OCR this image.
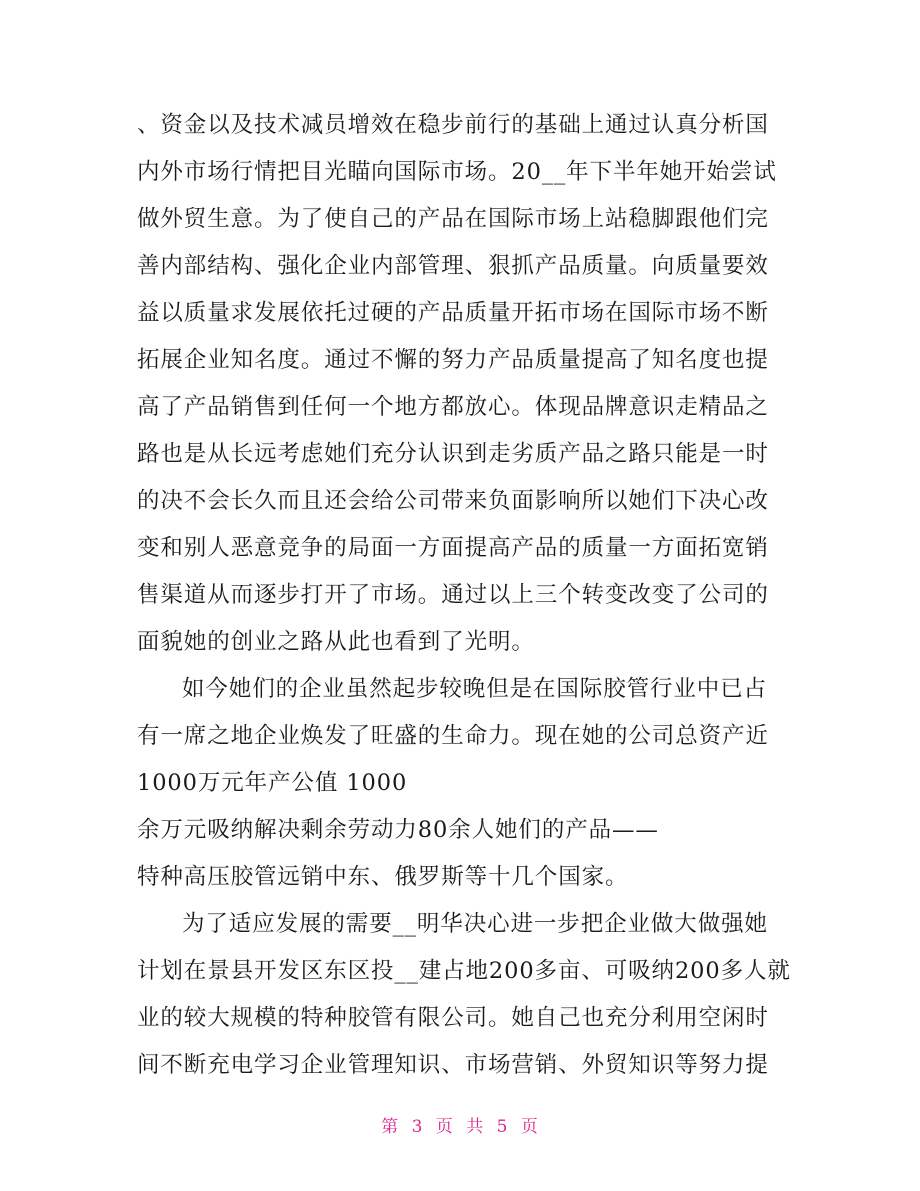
、资金以及技术减员增效在稳步前行的基础上通过认真分析国
内外市场行情把目光瞄向国际市场。20__年下半年她开始尝试
做外贸生意。为了使自己的产品在国际市场上站稳脚跟他们完
善内部结构、强化企业内部管理、狠抓产品质量。向质量要效
益以质量求发展依托过硬的产品质量开拓市场在国际市场不断
拓展企业知名度。通过不懈的努力产品质量提高了知名度也提
高了产品销售到任何一个地方都放心。体现品牌意识走精品之
路也是从长远考虑她们充分认识到走劣质产品之路只能是一时
的决不会长久而且还会给公司带来负面影响所以她们下决心改
变和别人恶意竞争的局面一方面提高产品的质量一方面拓宽销
售渠道从而逐步打开了市场。通过以上三个转变改变了公司的
面貌她的创业之路从此也看到了光明。
如今她们的企业虽然起步较晚但是在国际胶管行业中已占
有一席之地企业焕发了旺盛的生命力。现在她的公司总资产近
1000万元年产公值 1000
余万元吸纳解决剩余劳动力80余人她们的产品——
特种高压胶管远销中东、俄罗斯等十几个国家。
为了适应发展的需要__明华决心进一步把企业做大做强她
计划在景县开发区东区投__建占地200多亩、可吸纳200多人就
业的较大规模的特种胶管有限公司。她自己也充分利用空闲时
间不断充电学习企业管理知识、市场营销、外贸知识等努力提
第 3 页 共 5 页
